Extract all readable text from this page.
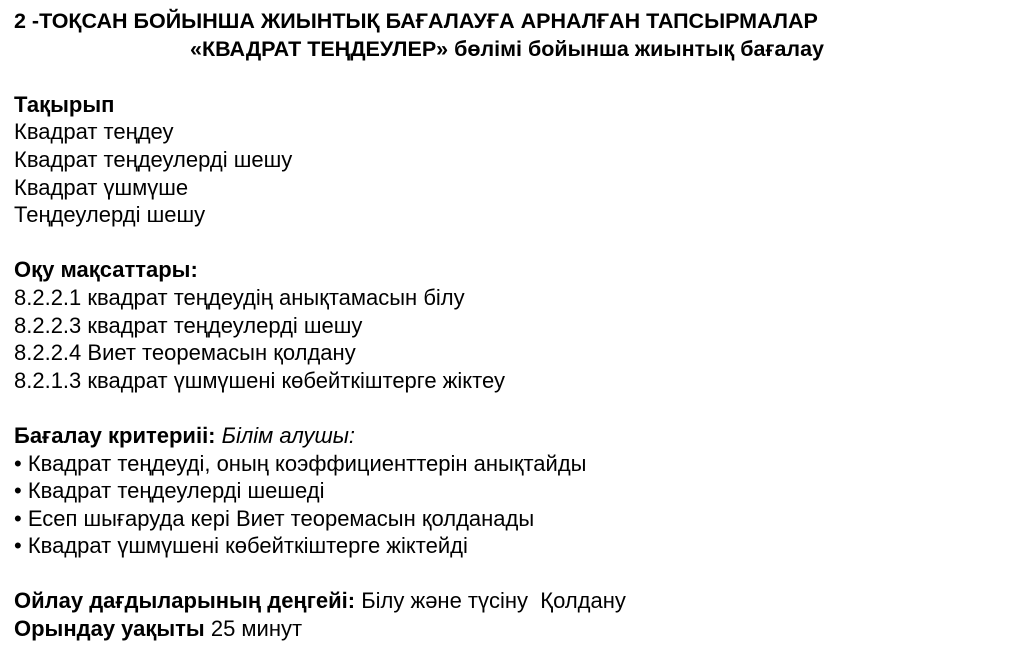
2 -ТОҚСАН БОЙЫНША ЖИЫНТЫҚ БАҒАЛАУҒА АРНАЛҒАН ТАПСЫРМАЛАР
«КВАДРАТ ТЕҢДЕУЛЕР» бөлімі бойынша жиынтық бағалау
Тақырып
Квадрат теңдеу
Квадрат теңдеулерді шешу
Квадрат үшмүше
Теңдеулерді шешу
Оқу мақсаттары:
8.2.2.1 квадрат теңдеудің анықтамасын білу
8.2.2.3 квадрат теңдеулерді шешу
8.2.2.4 Виет теоремасын қолдану
8.2.1.3 квадрат үшмүшені көбейткіштерге жіктеу
Бағалау критериіі: Білім алушы:
• Квадрат теңдеуді, оның коэффициенттерін анықтайды
• Квадрат теңдеулерді шешеді
• Есеп шығаруда кері Виет теоремасын қолданады
• Квадрат үшмүшені көбейткіштерге жіктейді
Ойлау дағдыларының деңгейі: Білу және түсіну  Қолдану
Орындау уақыты 25 минут
